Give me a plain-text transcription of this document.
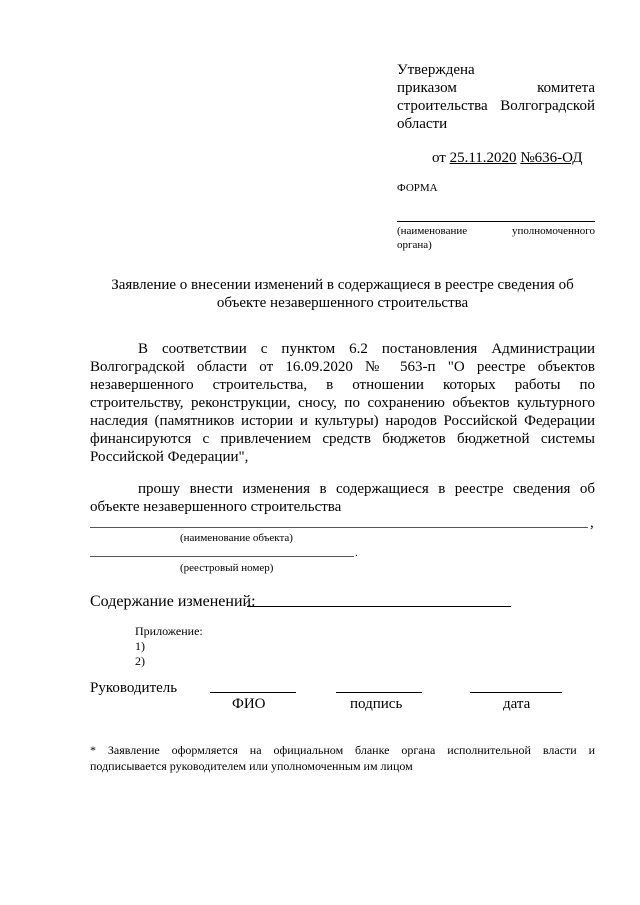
Утверждена
приказом	комитета
строительства Волгоградской
области
от 25.11.2020 №636-ОД
ФОРМА
(наименование	уполномоченного
органа)
Заявление о внесении изменений в содержащиеся в реестре сведения об
объекте незавершенного строительства
В соответствии с пунктом 6.2 постановления Администрации
Волгоградской области от 16.09.2020 № 563-п "О реестре объектов
незавершенного строительства, в отношении которых работы по
строительству, реконструкции, сносу, по сохранению объектов культурного
наследия (памятников истории и культуры) народов Российской Федерации
финансируются с привлечением средств бюджетов бюджетной системы
Российской Федерации",
прошу внести изменения в содержащиеся в реестре сведения об
объекте незавершенного строительства
,
(наименование объекта)
.
(реестровый номер)
Содержание изменений:
Приложение:
1)
2)
Руководитель
ФИО	подпись	дата
* Заявление оформляется на официальном бланке органа исполнительной власти и
подписывается руководителем или уполномоченным им лицом
